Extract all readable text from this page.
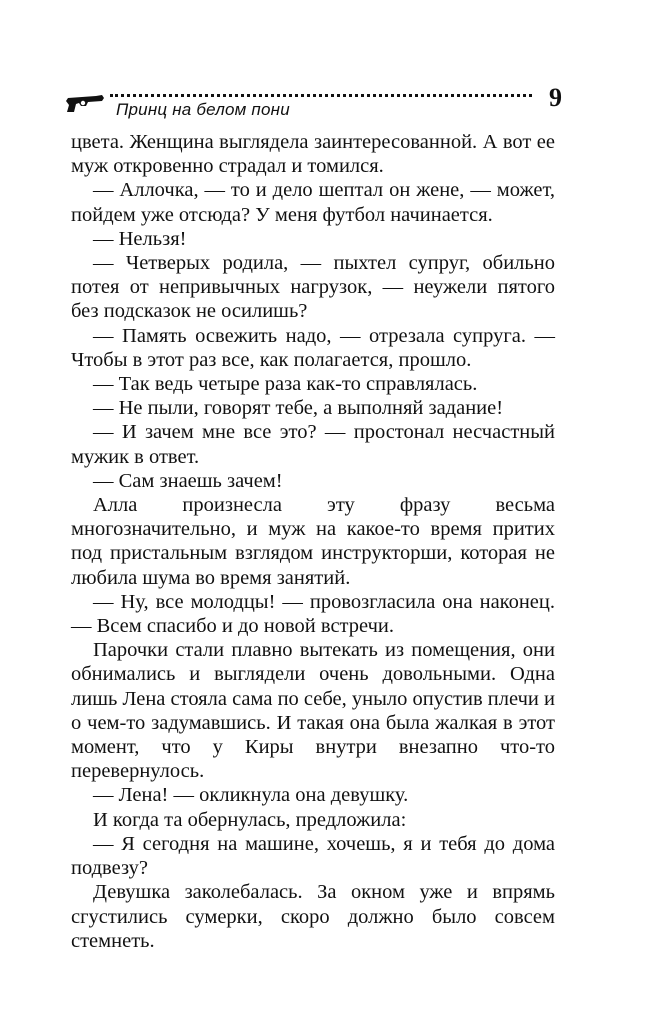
Принц на белом пони	9

цвета. Женщина выглядела заинтересованной. А вот ее муж откровенно страдал и томился.

— Аллочка, — то и дело шептал он жене, — может, пойдем уже отсюда? У меня футбол начинается.

— Нельзя!

— Четверых родила, — пыхтел супруг, обильно потея от непривычных нагрузок, — неужели пятого без подсказок не осилишь?

— Память освежить надо, — отрезала супруга. — Чтобы в этот раз все, как полагается, прошло.

— Так ведь четыре раза как-то справлялась.

— Не пыли, говорят тебе, а выполняй задание!

— И зачем мне все это? — простонал несчастный мужик в ответ.

— Сам знаешь зачем!

Алла произнесла эту фразу весьма многозначительно, и муж на какое-то время притих под пристальным взглядом инструкторши, которая не любила шума во время занятий.

— Ну, все молодцы! — провозгласила она наконец. — Всем спасибо и до новой встречи.

Парочки стали плавно вытекать из помещения, они обнимались и выглядели очень довольными. Одна лишь Лена стояла сама по себе, уныло опустив плечи и о чем-то задумавшись. И такая она была жалкая в этот момент, что у Киры внутри внезапно что-то перевернулось.

— Лена! — окликнула она девушку.

И когда та обернулась, предложила:

— Я сегодня на машине, хочешь, я и тебя до дома подвезу?

Девушка заколебалась. За окном уже и впрямь сгустились сумерки, скоро должно было совсем стемнеть.
